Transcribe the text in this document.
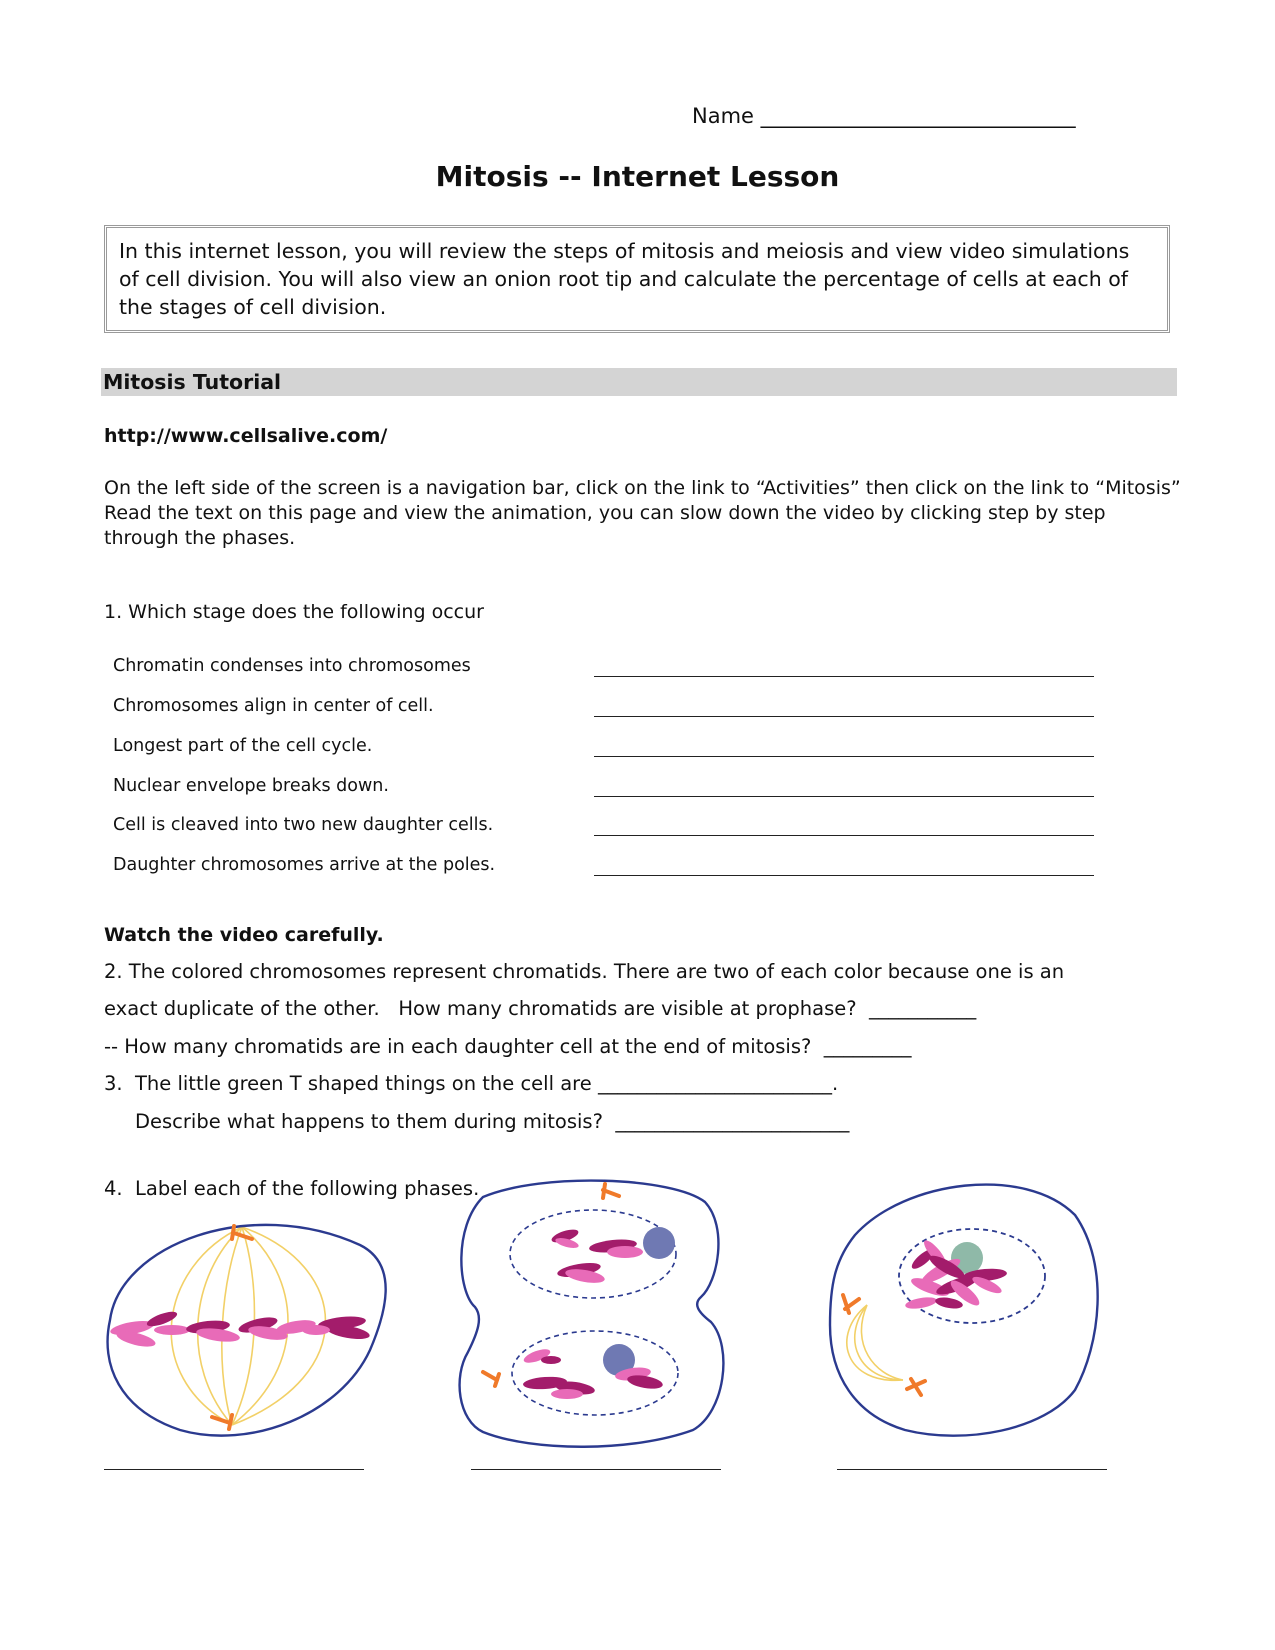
Name ______________________________
Mitosis -- Internet Lesson
In this internet lesson, you will review the steps of mitosis and meiosis and view video simulations of cell division. You will also view an onion root tip and calculate the percentage of cells at each of the stages of cell division.
Mitosis Tutorial
http://www.cellsalive.com/
On the left side of the screen is a navigation bar, click on the link to “Activities” then click on the link to “Mitosis” Read the text on this page and view the animation, you can slow down the video by clicking step by step through the phases.
1. Which stage does the following occur
Chromatin condenses into chromosomes
Chromosomes align in center of cell.
Longest part of the cell cycle.
Nuclear envelope breaks down.
Cell is cleaved into two new daughter cells.
Daughter chromosomes arrive at the poles.
Watch the video carefully.
2. The colored chromosomes represent chromatids. There are two of each color because one is an
exact duplicate of the other.   How many chromatids are visible at prophase?  ___________
-- How many chromatids are in each daughter cell at the end of mitosis?  _________
3.  The little green T shaped things on the cell are ________________________.
Describe what happens to them during mitosis?  ________________________
4.  Label each of the following phases.
